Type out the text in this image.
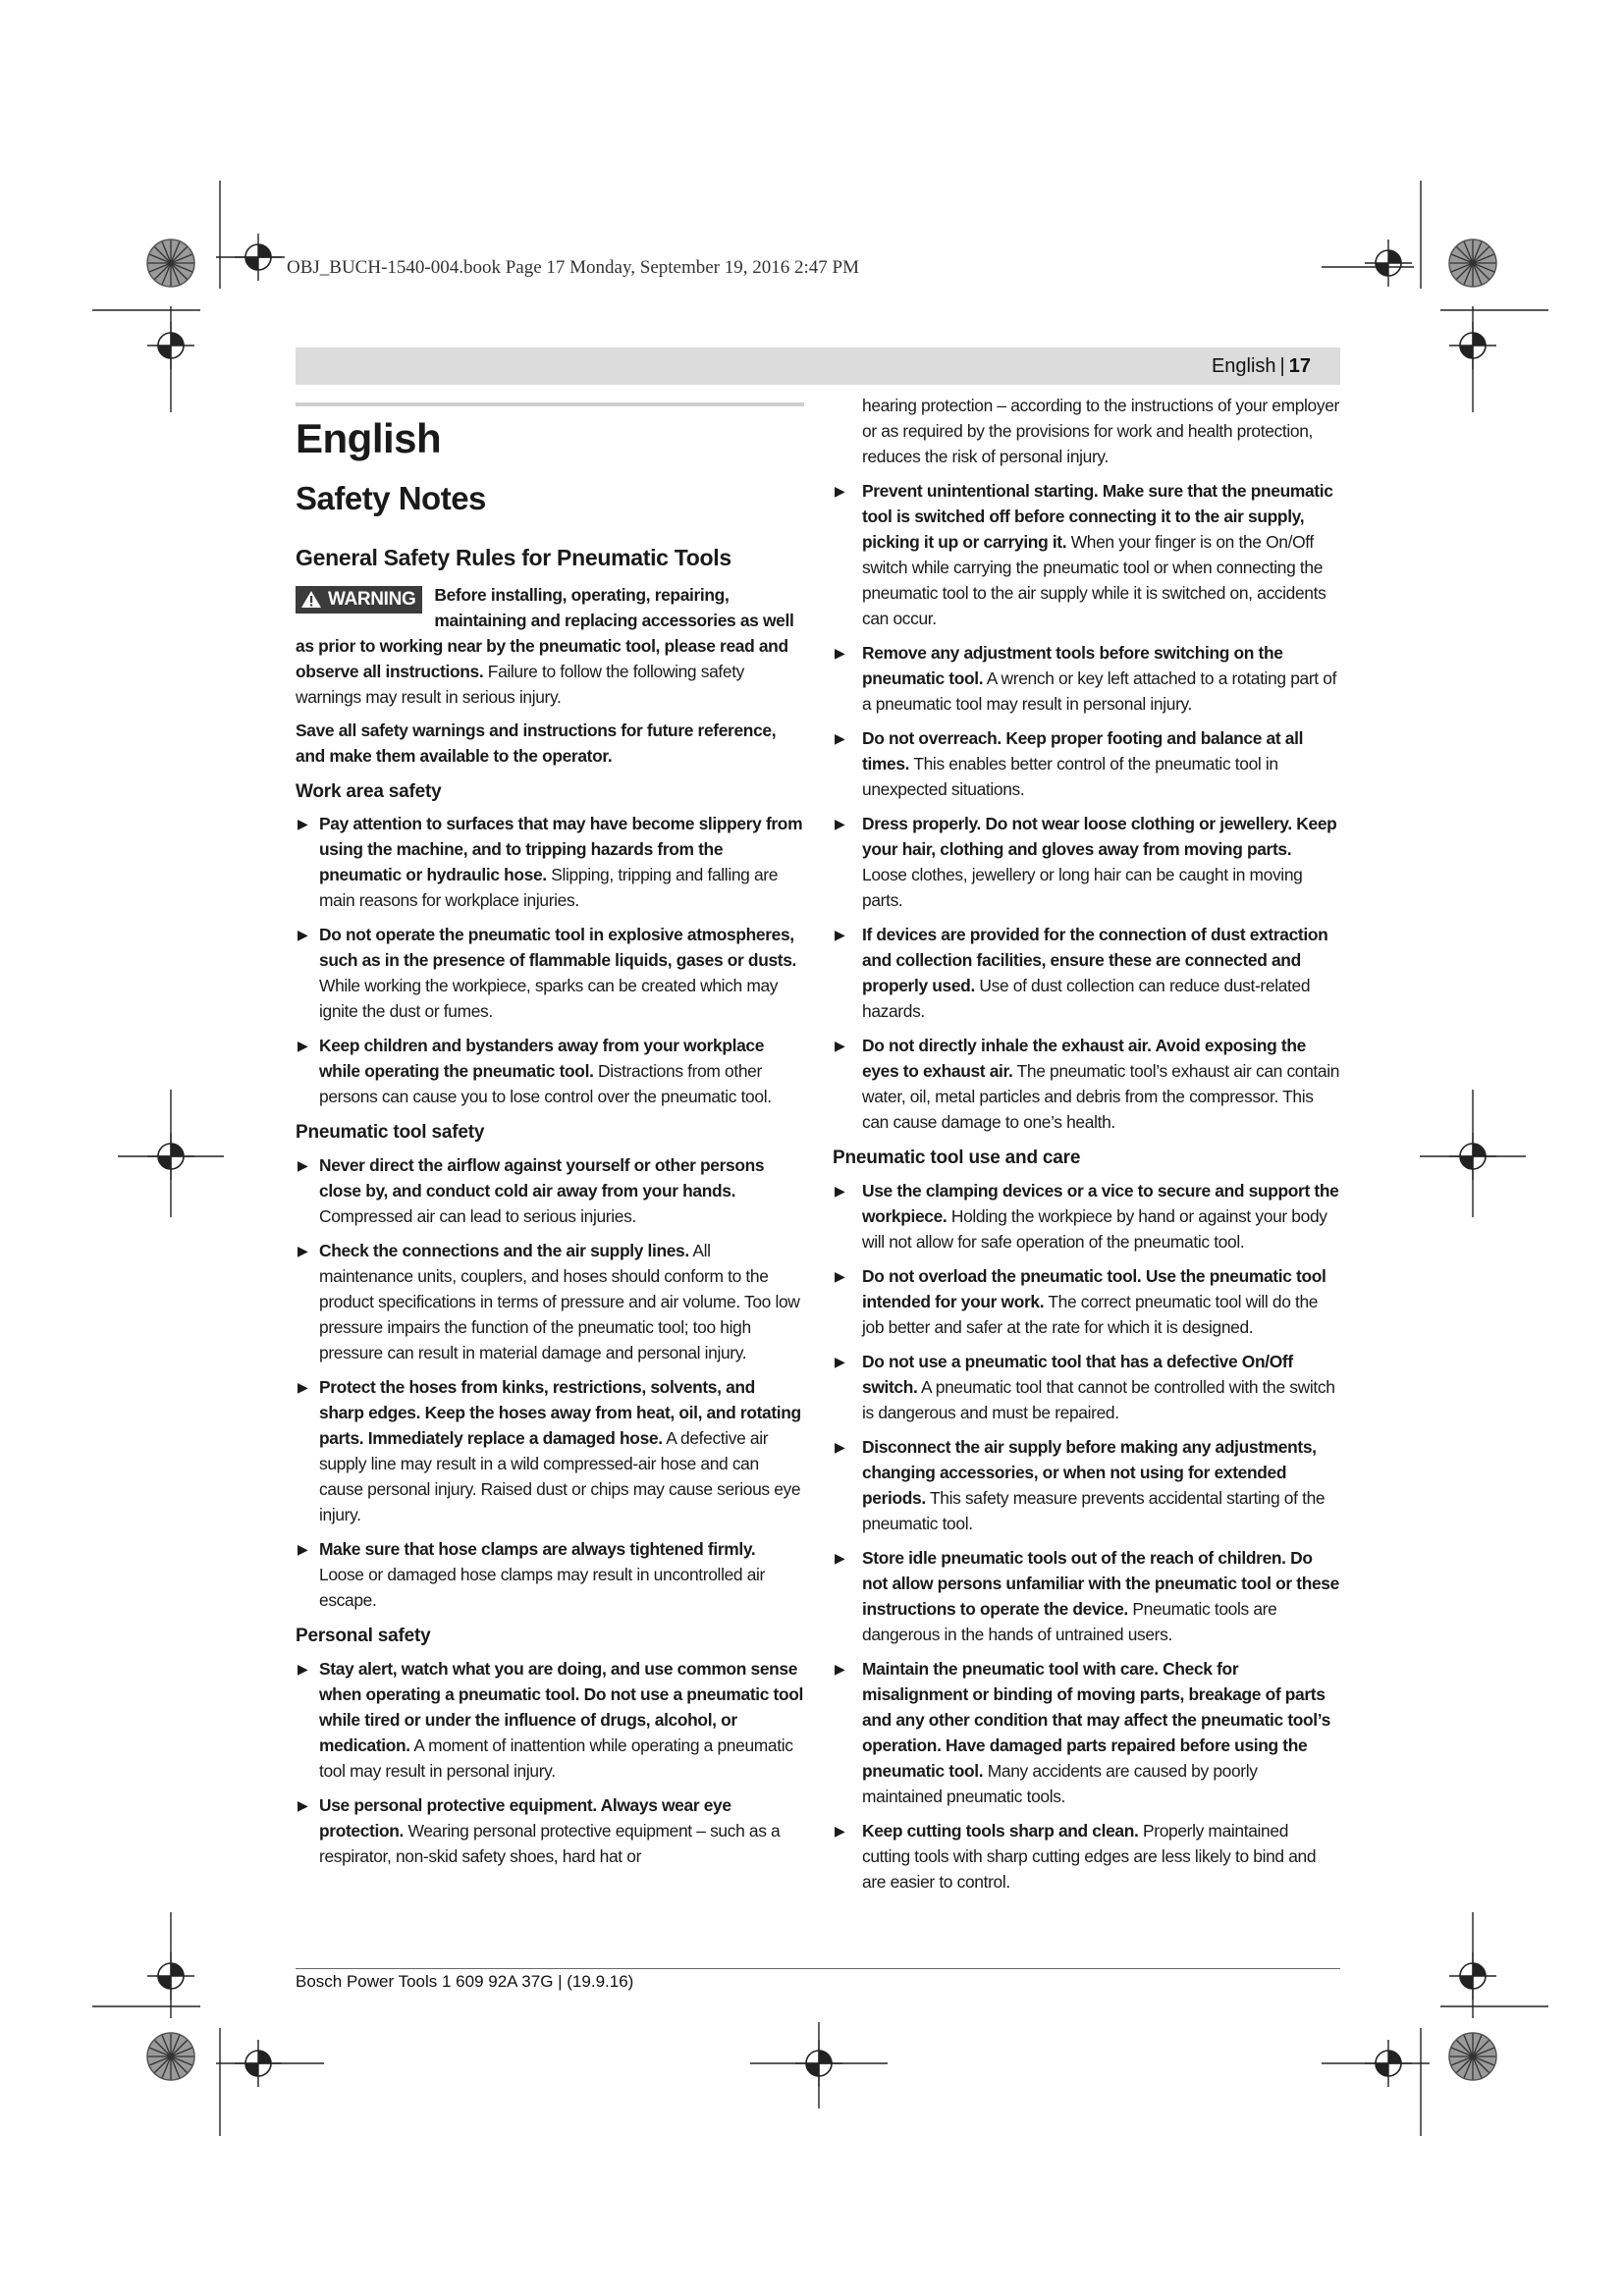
OBJ_BUCH-1540-004.book Page 17 Monday, September 19, 2016 2:47 PM
English | 17
English
Safety Notes
General Safety Rules for Pneumatic Tools

WARNING Before installing, operating, repairing, maintaining and replacing accessories as well as prior to working near by the pneumatic tool, please read and observe all instructions. Failure to follow the following safety warnings may result in serious injury.

Save all safety warnings and instructions for future reference, and make them available to the operator.

Work area safety
▶ Pay attention to surfaces that may have become slippery from using the machine, and to tripping hazards from the pneumatic or hydraulic hose. Slipping, tripping and falling are main reasons for workplace injuries.
▶ Do not operate the pneumatic tool in explosive atmospheres, such as in the presence of flammable liquids, gases or dusts. While working the workpiece, sparks can be created which may ignite the dust or fumes.
▶ Keep children and bystanders away from your workplace while operating the pneumatic tool. Distractions from other persons can cause you to lose control over the pneumatic tool.
Pneumatic tool safety
▶ Never direct the airflow against yourself or other persons close by, and conduct cold air away from your hands. Compressed air can lead to serious injuries.
▶ Check the connections and the air supply lines. All maintenance units, couplers, and hoses should conform to the product specifications in terms of pressure and air volume. Too low pressure impairs the function of the pneumatic tool; too high pressure can result in material damage and personal injury.
▶ Protect the hoses from kinks, restrictions, solvents, and sharp edges. Keep the hoses away from heat, oil, and rotating parts. Immediately replace a damaged hose. A defective air supply line may result in a wild compressed-air hose and can cause personal injury. Raised dust or chips may cause serious eye injury.
▶ Make sure that hose clamps are always tightened firmly. Loose or damaged hose clamps may result in uncontrolled air escape.
Personal safety
▶ Stay alert, watch what you are doing, and use common sense when operating a pneumatic tool. Do not use a pneumatic tool while tired or under the influence of drugs, alcohol, or medication. A moment of inattention while operating a pneumatic tool may result in personal injury.
▶ Use personal protective equipment. Always wear eye protection. Wearing personal protective equipment – such as a respirator, non-skid safety shoes, hard hat or
hearing protection – according to the instructions of your employer or as required by the provisions for work and health protection, reduces the risk of personal injury.
▶ Prevent unintentional starting. Make sure that the pneumatic tool is switched off before connecting it to the air supply, picking it up or carrying it. When your finger is on the On/Off switch while carrying the pneumatic tool or when connecting the pneumatic tool to the air supply while it is switched on, accidents can occur.
▶ Remove any adjustment tools before switching on the pneumatic tool. A wrench or key left attached to a rotating part of a pneumatic tool may result in personal injury.
▶ Do not overreach. Keep proper footing and balance at all times. This enables better control of the pneumatic tool in unexpected situations.
▶ Dress properly. Do not wear loose clothing or jewellery. Keep your hair, clothing and gloves away from moving parts. Loose clothes, jewellery or long hair can be caught in moving parts.
▶ If devices are provided for the connection of dust extraction and collection facilities, ensure these are connected and properly used. Use of dust collection can reduce dust-related hazards.
▶ Do not directly inhale the exhaust air. Avoid exposing the eyes to exhaust air. The pneumatic tool’s exhaust air can contain water, oil, metal particles and debris from the compressor. This can cause damage to one’s health.
Pneumatic tool use and care
▶ Use the clamping devices or a vice to secure and support the workpiece. Holding the workpiece by hand or against your body will not allow for safe operation of the pneumatic tool.
▶ Do not overload the pneumatic tool. Use the pneumatic tool intended for your work. The correct pneumatic tool will do the job better and safer at the rate for which it is designed.
▶ Do not use a pneumatic tool that has a defective On/Off switch. A pneumatic tool that cannot be controlled with the switch is dangerous and must be repaired.
▶ Disconnect the air supply before making any adjustments, changing accessories, or when not using for extended periods. This safety measure prevents accidental starting of the pneumatic tool.
▶ Store idle pneumatic tools out of the reach of children. Do not allow persons unfamiliar with the pneumatic tool or these instructions to operate the device. Pneumatic tools are dangerous in the hands of untrained users.
▶ Maintain the pneumatic tool with care. Check for misalignment or binding of moving parts, breakage of parts and any other condition that may affect the pneumatic tool’s operation. Have damaged parts repaired before using the pneumatic tool. Many accidents are caused by poorly maintained pneumatic tools.
▶ Keep cutting tools sharp and clean. Properly maintained cutting tools with sharp cutting edges are less likely to bind and are easier to control.
Bosch Power Tools 1 609 92A 37G | (19.9.16)
